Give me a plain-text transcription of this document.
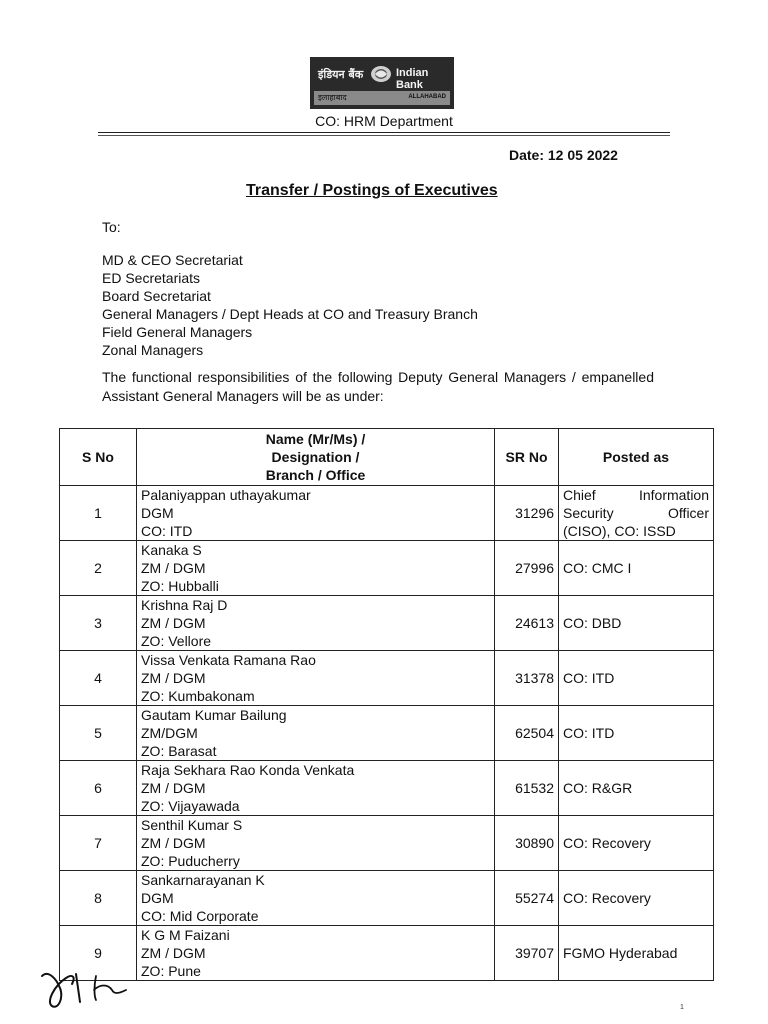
इंडियन बैंक	Indian Bank
इलाहाबाद	ALLAHABAD
CO: HRM Department
Date: 12 05 2022
Transfer / Postings of Executives
To:
MD & CEO Secretariat
ED Secretariats
Board Secretariat
General Managers / Dept Heads at CO and Treasury Branch
Field General Managers
Zonal Managers

The functional responsibilities of the following Deputy General Managers / empanelled Assistant General Managers will be as under:

S No	Name (Mr/Ms) /
Designation /
Branch / Office	SR No	Posted as
1	Palaniyappan uthayakumar
DGM
CO: ITD	31296	Chief Information Security Officer (CISO), CO: ISSD
2	Kanaka S
ZM / DGM
ZO: Hubballi	27996	CO: CMC I
3	Krishna Raj D
ZM / DGM
ZO: Vellore	24613	CO: DBD
4	Vissa Venkata Ramana Rao
ZM / DGM
ZO: Kumbakonam	31378	CO: ITD
5	Gautam Kumar Bailung
ZM/DGM
ZO: Barasat	62504	CO: ITD
6	Raja Sekhara Rao Konda Venkata
ZM / DGM
ZO: Vijayawada	61532	CO: R&GR
7	Senthil Kumar S
ZM / DGM
ZO: Puducherry	30890	CO: Recovery
8	Sankarnarayanan K
DGM
CO: Mid Corporate	55274	CO: Recovery
9	K G M Faizani
ZM / DGM
ZO: Pune	39707	FGMO Hyderabad
1
